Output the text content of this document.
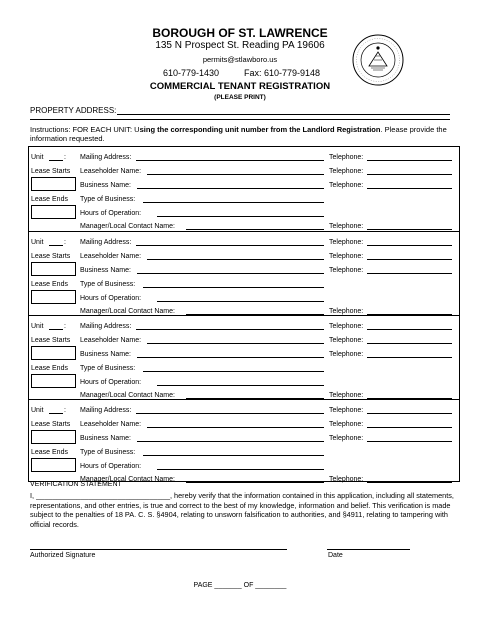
BOROUGH OF ST. LAWRENCE
135 N Prospect St. Reading PA 19606
permits@stlawboro.us
610-779-1430	Fax: 610-779-9148
COMMERCIAL TENANT REGISTRATION
(PLEASE PRINT)
PROPERTY ADDRESS:
Instructions: FOR EACH UNIT: Using the corresponding unit number from the Landlord Registration. Please provide the information requested.
Unit	: Mailing Address:	Telephone:
Lease Starts Leaseholder Name:	Telephone:
Business Name:	Telephone:
Lease Ends Type of Business:
Hours of Operation:
Manager/Local Contact Name:	Telephone:
Unit	: Mailing Address:	Telephone:
Lease Starts Leaseholder Name:	Telephone:
Business Name:	Telephone:
Lease Ends Type of Business:
Hours of Operation:
Manager/Local Contact Name:	Telephone:
Unit	: Mailing Address:	Telephone:
Lease Starts Leaseholder Name:	Telephone:
Business Name:	Telephone:
Lease Ends Type of Business:
Hours of Operation:
Manager/Local Contact Name:	Telephone:
Unit	: Mailing Address:	Telephone:
Lease Starts Leaseholder Name:	Telephone:
Business Name:	Telephone:
Lease Ends Type of Business:
Hours of Operation:
Manager/Local Contact Name:	Telephone:
VERIFICATION STATEMENT
I, _________________________________, hereby verify that the information contained in this application, including all statements, representations, and other entries, is true and correct to the best of my knowledge, information and belief. This verification is made subject to the penalties of 18 PA. C. S. §4904, relating to unsworn falsification to authorities, and §4911, relating to tampering with official records.
Authorized Signature	Date
PAGE _______ OF ________
